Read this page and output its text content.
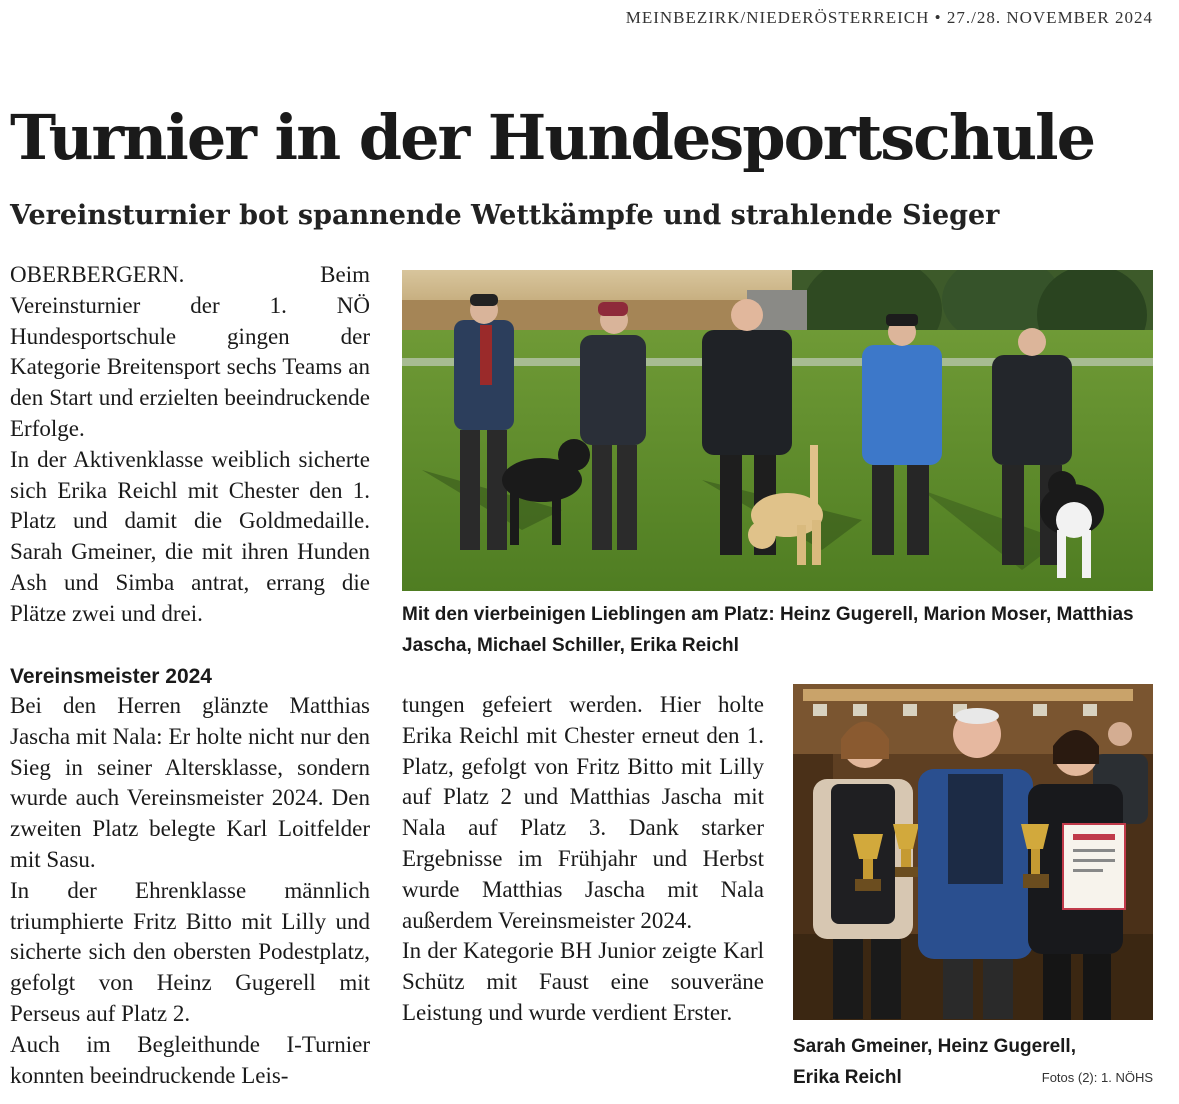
MEINBEZIRK/NIEDERÖSTERREICH • 27./28. NOVEMBER 2024
Turnier in der Hundesportschule
Vereinsturnier bot spannende Wettkämpfe und strahlende Sieger

OBERBERGERN. Beim Vereinsturnier der 1. NÖ Hundesportschule gingen der Kategorie Breitensport sechs Teams an den Start und erzielten beeindruckende Erfolge.

In der Aktivenklasse weiblich sicherte sich Erika Reichl mit Chester den 1. Platz und damit die Goldmedaille. Sarah Gmeiner, die mit ihren Hunden Ash und Simba antrat, errang die Plätze zwei und drei.

Vereinsmeister 2024

Bei den Herren glänzte Matthias Jascha mit Nala: Er holte nicht nur den Sieg in seiner Altersklasse, sondern wurde auch Vereinsmeister 2024. Den zweiten Platz belegte Karl Loitfelder mit Sasu.

In der Ehrenklasse männlich triumphierte Fritz Bitto mit Lilly und sicherte sich den obersten Podestplatz, gefolgt von Heinz Gugerell mit Perseus auf Platz 2.

Auch im Begleithunde I-Turnier konnten beeindruckende Leis-

tungen gefeiert werden. Hier holte Erika Reichl mit Chester erneut den 1. Platz, gefolgt von Fritz Bitto mit Lilly auf Platz 2 und Matthias Jascha mit Nala auf Platz 3. Dank starker Ergebnisse im Frühjahr und Herbst wurde Matthias Jascha mit Nala außerdem Vereinsmeister 2024.

In der Kategorie BH Junior zeigte Karl Schütz mit Faust eine souveräne Leistung und wurde verdient Erster.

Mit den vierbeinigen Lieblingen am Platz: Heinz Gugerell, Marion Moser, Matthias Jascha, Michael Schiller, Erika Reichl
Sarah Gmeiner, Heinz Gugerell, Erika Reichl	Fotos (2): 1. NÖHS
